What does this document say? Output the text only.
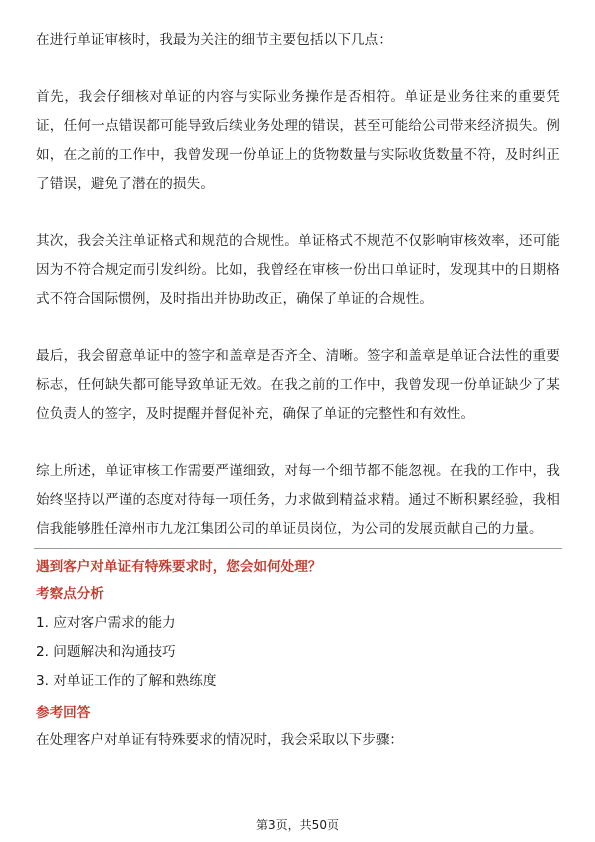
在进行单证审核时，我最为关注的细节主要包括以下几点：

首先，我会仔细核对单证的内容与实际业务操作是否相符。单证是业务往来的重要凭证，任何一点错误都可能导致后续业务处理的错误，甚至可能给公司带来经济损失。例如，在之前的工作中，我曾发现一份单证上的货物数量与实际收货数量不符，及时纠正了错误，避免了潜在的损失。

其次，我会关注单证格式和规范的合规性。单证格式不规范不仅影响审核效率，还可能因为不符合规定而引发纠纷。比如，我曾经在审核一份出口单证时，发现其中的日期格式不符合国际惯例，及时指出并协助改正，确保了单证的合规性。

最后，我会留意单证中的签字和盖章是否齐全、清晰。签字和盖章是单证合法性的重要标志，任何缺失都可能导致单证无效。在我之前的工作中，我曾发现一份单证缺少了某位负责人的签字，及时提醒并督促补充，确保了单证的完整性和有效性。

综上所述，单证审核工作需要严谨细致，对每一个细节都不能忽视。在我的工作中，我始终坚持以严谨的态度对待每一项任务，力求做到精益求精。通过不断积累经验，我相信我能够胜任漳州市九龙江集团公司的单证员岗位，为公司的发展贡献自己的力量。

遇到客户对单证有特殊要求时，您会如何处理？
考察点分析

1. 应对客户需求的能力

2. 问题解决和沟通技巧

3. 对单证工作的了解和熟练度

参考回答

在处理客户对单证有特殊要求的情况时，我会采取以下步骤：

第3页，共50页
